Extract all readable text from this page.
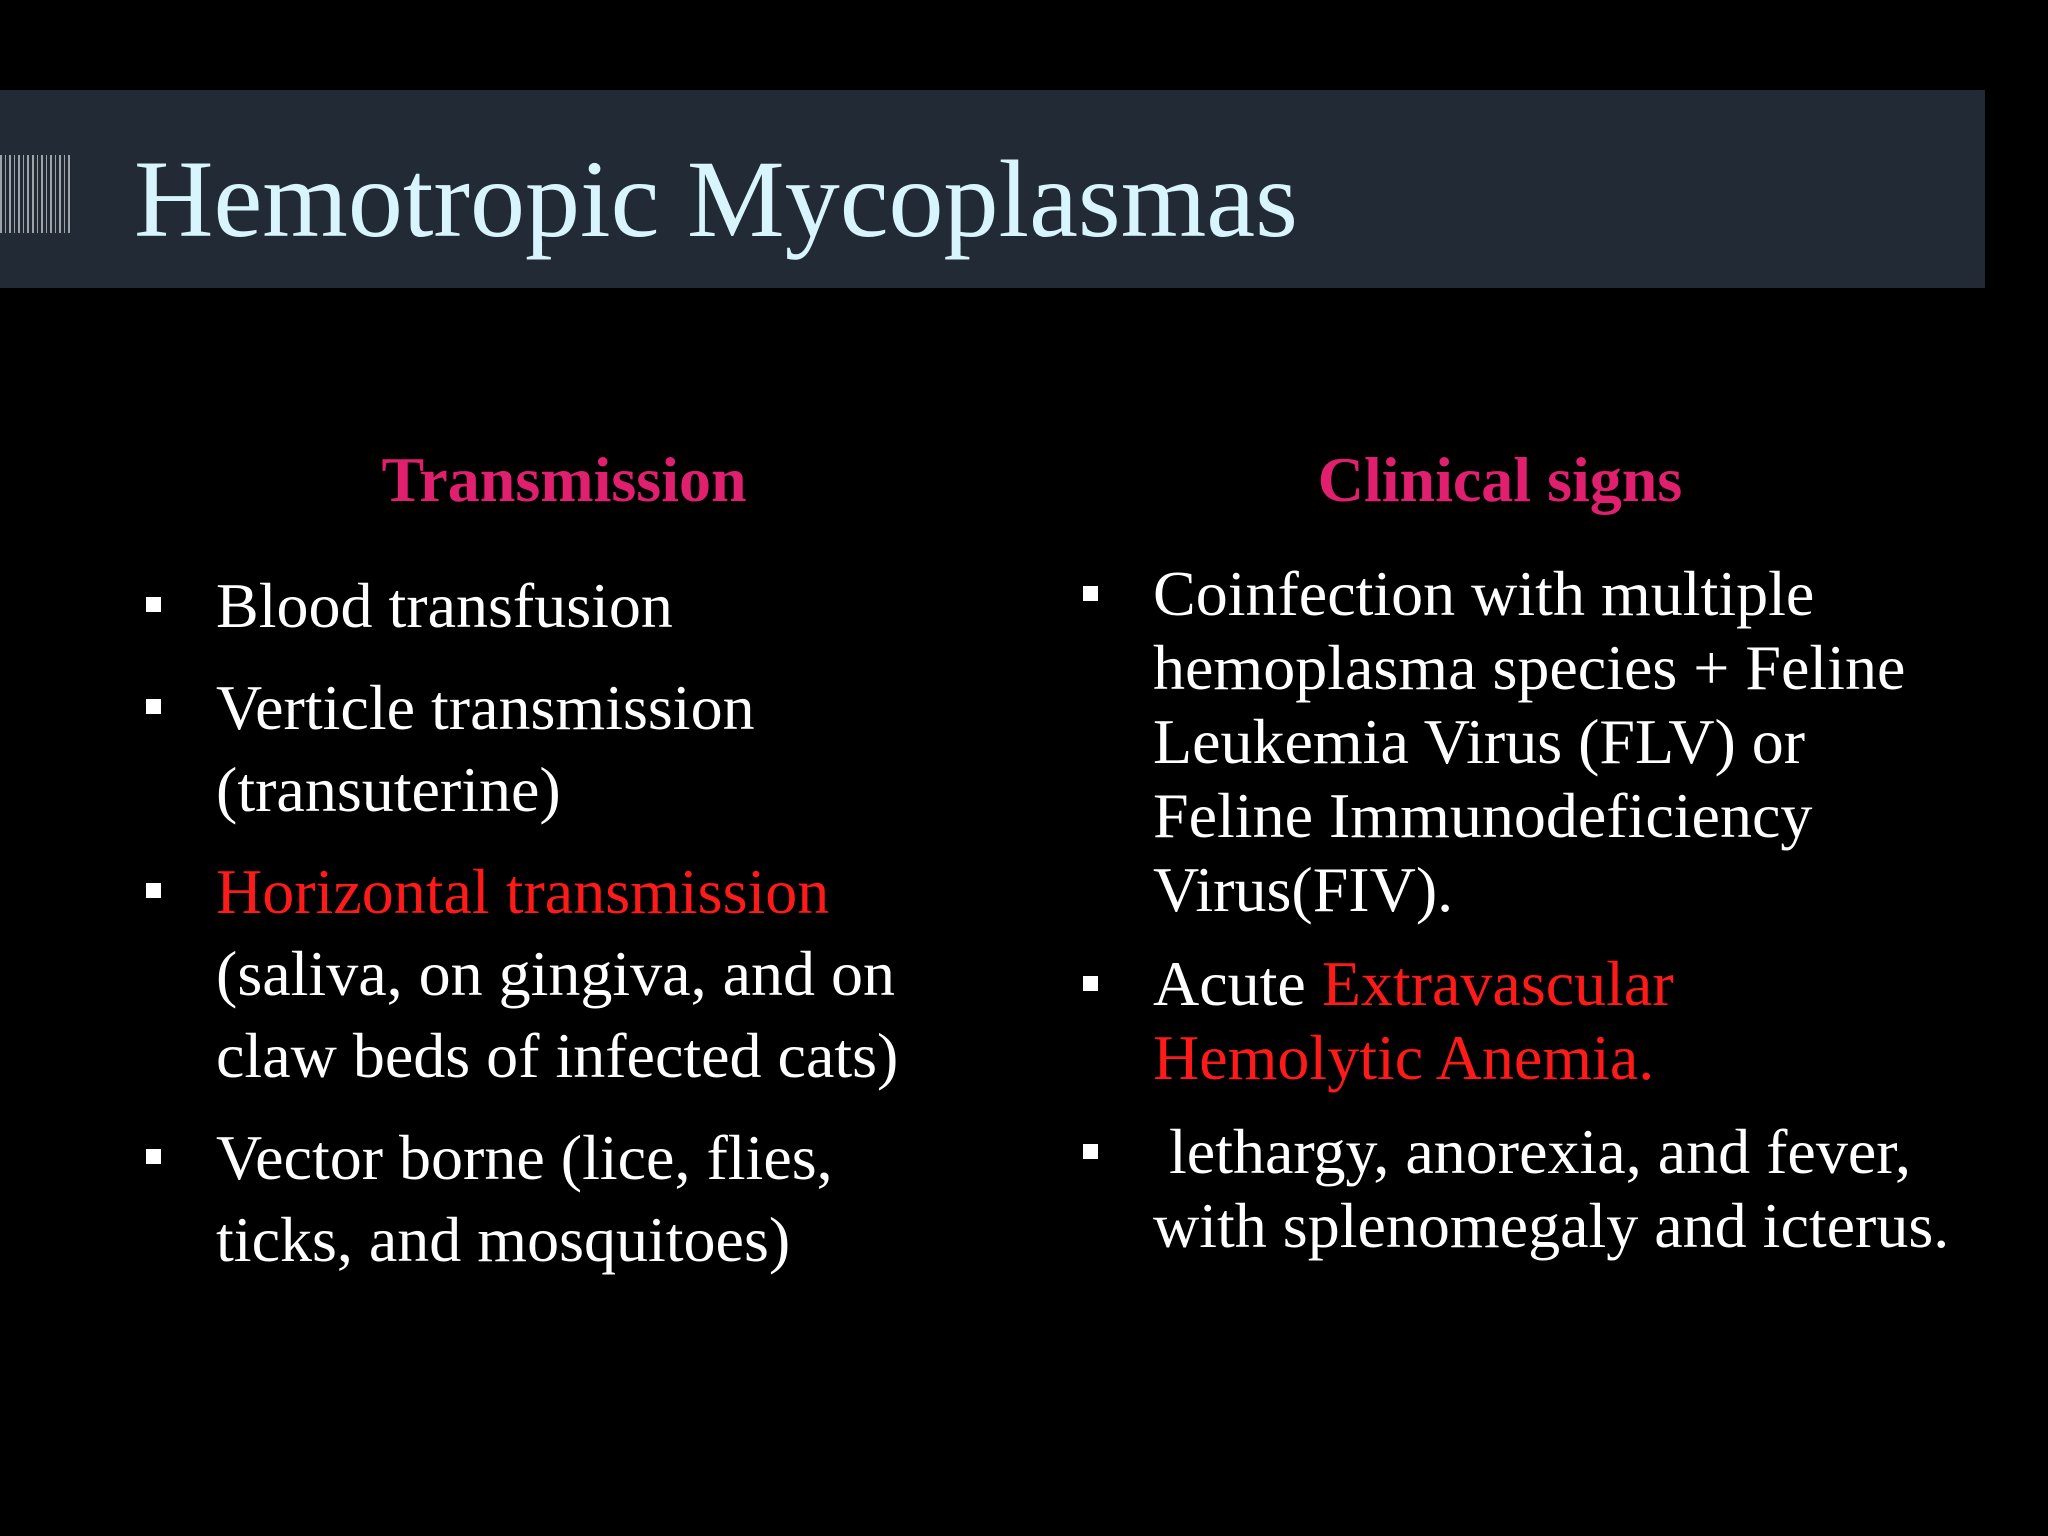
Hemotropic Mycoplasmas
Transmission	Clinical signs
Blood transfusion
Verticle transmission (transuterine)
Horizontal transmission (saliva, on gingiva, and on claw beds of infected cats)
Vector borne (lice, flies, ticks, and mosquitoes)
Coinfection with multiple hemoplasma species + Feline Leukemia Virus (FLV) or Feline Immunodeficiency Virus(FIV).
Acute Extravascular Hemolytic Anemia.
lethargy, anorexia, and fever, with splenomegaly and icterus.
